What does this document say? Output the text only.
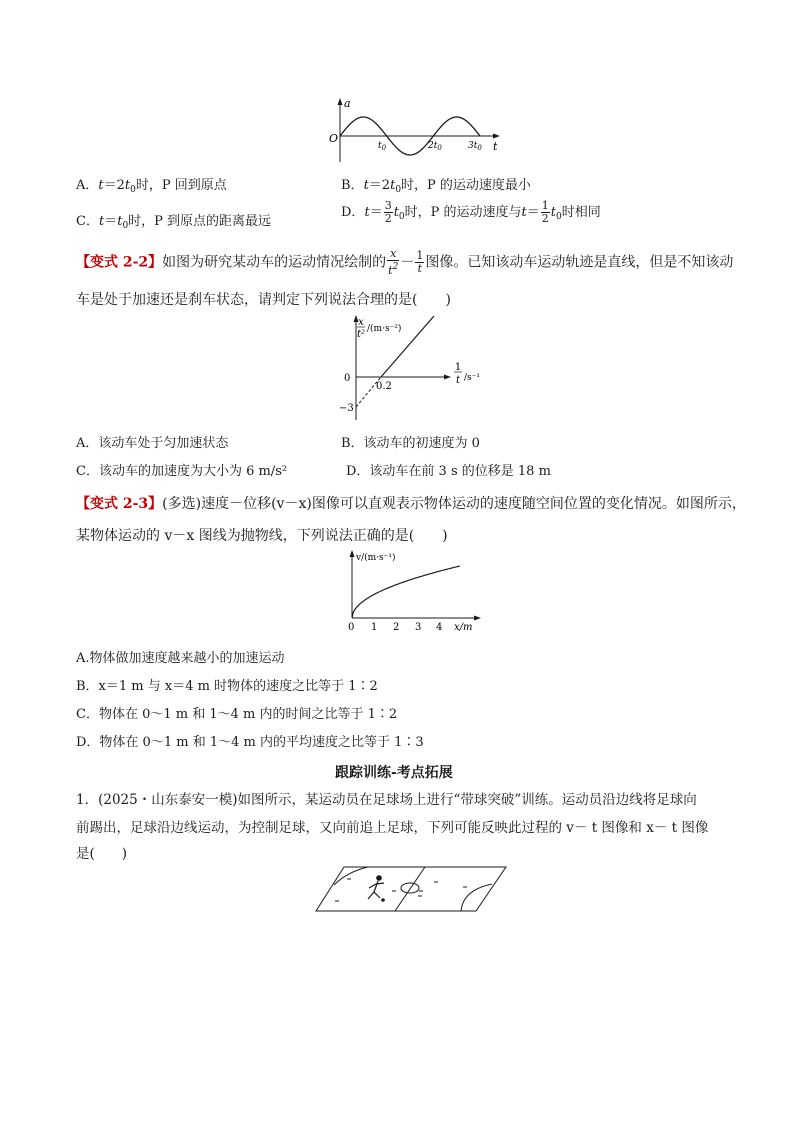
a
O
t
$t_0$	$2t_0$	$3t_0$
A．$t=2t_0$时，P 回到原点	B．$t=2t_0$时，P 的运动速度最小
C．$t=t_0$时，P 到原点的距离最远
D．$t= \frac{3}{2} t_0$时，P 的运动速度与$t= \frac{1}{2} t_0$时相同
【变式 2-2】如图为研究某动车的运动情况绘制的 $\frac{x}{t^2} - \frac{1}{t}$ 图像。已知该动车运动轨迹是直线，但是不知该动
车是处于加速还是刹车状态，请判定下列说法合理的是(　　)
x
t² /(m·s⁻²)
0
0.2
−3
1
t /s⁻¹
A．该动车处于匀加速状态	B．该动车的初速度为 0
C．该动车的加速度为大小为 6 m/s²	D．该动车在前 3 s 的位移是 18 m
【变式 2-3】(多选)速度－位移(v－x)图像可以直观表示物体运动的速度随空间位置的变化情况。如图所示，
某物体运动的 v－x 图线为抛物线，下列说法正确的是(　　)
v/(m·s⁻¹)
0 1 2 3 4 x/m
A.物体做加速度越来越小的加速运动
B．x＝1 m 与 x＝4 m 时物体的速度之比等于 1∶2
C．物体在 0～1 m 和 1～4 m 内的时间之比等于 1∶2
D．物体在 0～1 m 和 1～4 m 内的平均速度之比等于 1∶3
跟踪训练-考点拓展
1．(2025・山东泰安一模)如图所示，某运动员在足球场上进行“带球突破”训练。运动员沿边线将足球向
前踢出，足球沿边线运动，为控制足球，又向前追上足球，下列可能反映此过程的 v－ t 图像和 x－ t 图像
是(　　)
